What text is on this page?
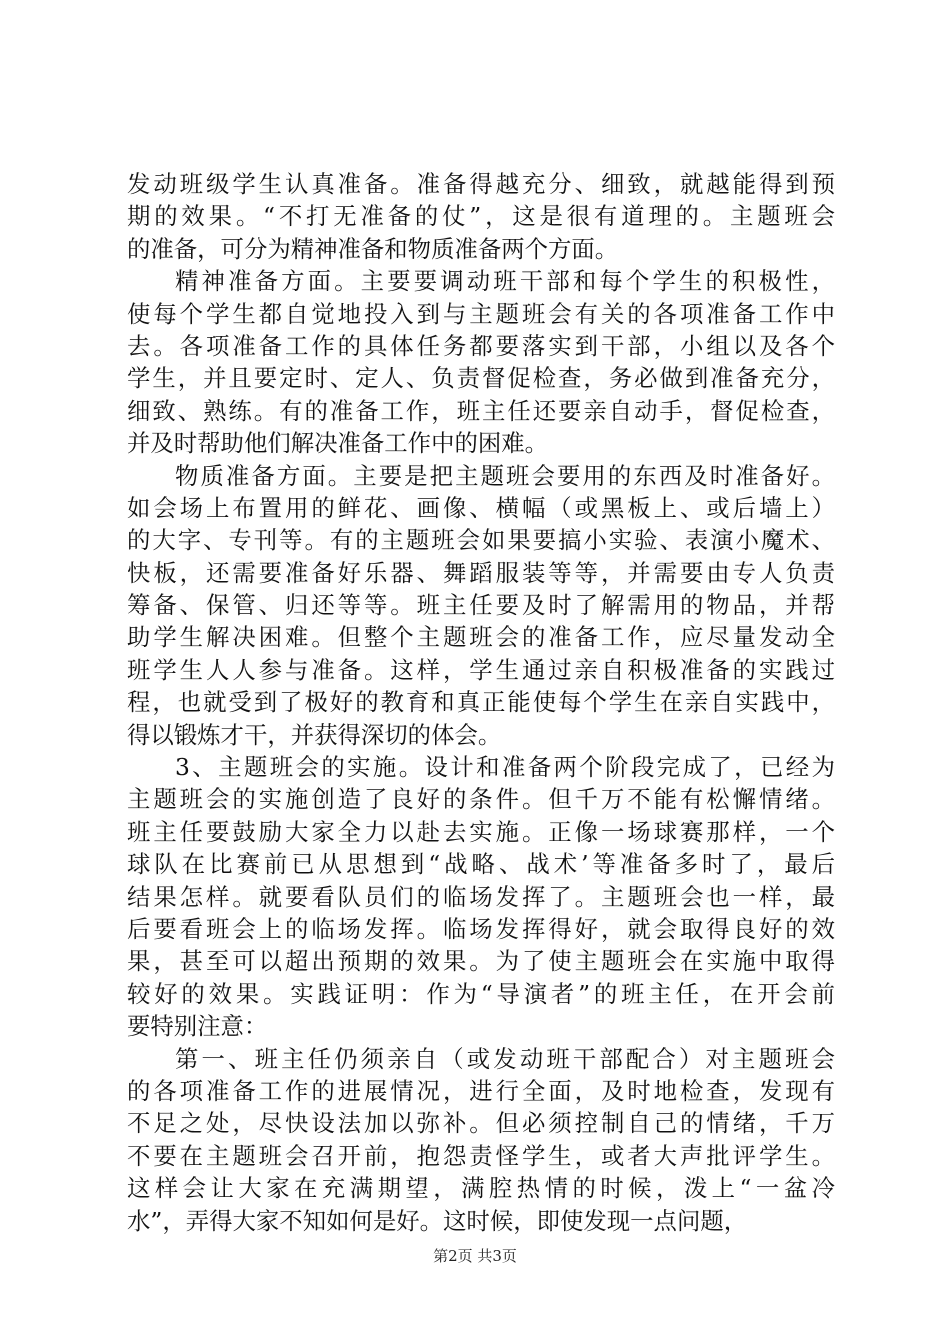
发动班级学生认真准备。准备得越充分、细致，就越能得到预
期的效果。“不打无准备的仗”，这是很有道理的。主题班会
的准备，可分为精神准备和物质准备两个方面。
精神准备方面。主要要调动班干部和每个学生的积极性，
使每个学生都自觉地投入到与主题班会有关的各项准备工作中
去。各项准备工作的具体任务都要落实到干部，小组以及各个
学生，并且要定时、定人、负责督促检查，务必做到准备充分，
细致、熟练。有的准备工作，班主任还要亲自动手，督促检查，
并及时帮助他们解决准备工作中的困难。
物质准备方面。主要是把主题班会要用的东西及时准备好。
如会场上布置用的鲜花、画像、横幅（或黑板上、或后墙上）
的大字、专刊等。有的主题班会如果要搞小实验、表演小魔术、
快板，还需要准备好乐器、舞蹈服装等等，并需要由专人负责
筹备、保管、归还等等。班主任要及时了解需用的物品，并帮
助学生解决困难。但整个主题班会的准备工作，应尽量发动全
班学生人人参与准备。这样，学生通过亲自积极准备的实践过
程，也就受到了极好的教育和真正能使每个学生在亲自实践中，
得以锻炼才干，并获得深切的体会。
3、主题班会的实施。设计和准备两个阶段完成了，已经为
主题班会的实施创造了良好的条件。但千万不能有松懈情绪。
班主任要鼓励大家全力以赴去实施。正像一场球赛那样，一个
球队在比赛前已从思想到“战略、战术’等准备多时了，最后
结果怎样。就要看队员们的临场发挥了。主题班会也一样，最
后要看班会上的临场发挥。临场发挥得好，就会取得良好的效
果，甚至可以超出预期的效果。为了使主题班会在实施中取得
较好的效果。实践证明：作为“导演者”的班主任，在开会前
要特别注意：
第一、班主任仍须亲自（或发动班干部配合）对主题班会
的各项准备工作的进展情况，进行全面，及时地检查，发现有
不足之处，尽快设法加以弥补。但必须控制自己的情绪，千万
不要在主题班会召开前，抱怨责怪学生，或者大声批评学生。
这样会让大家在充满期望，满腔热情的时候，泼上“一盆冷
水”，弄得大家不知如何是好。这时候，即使发现一点问题，
第2页 共3页
